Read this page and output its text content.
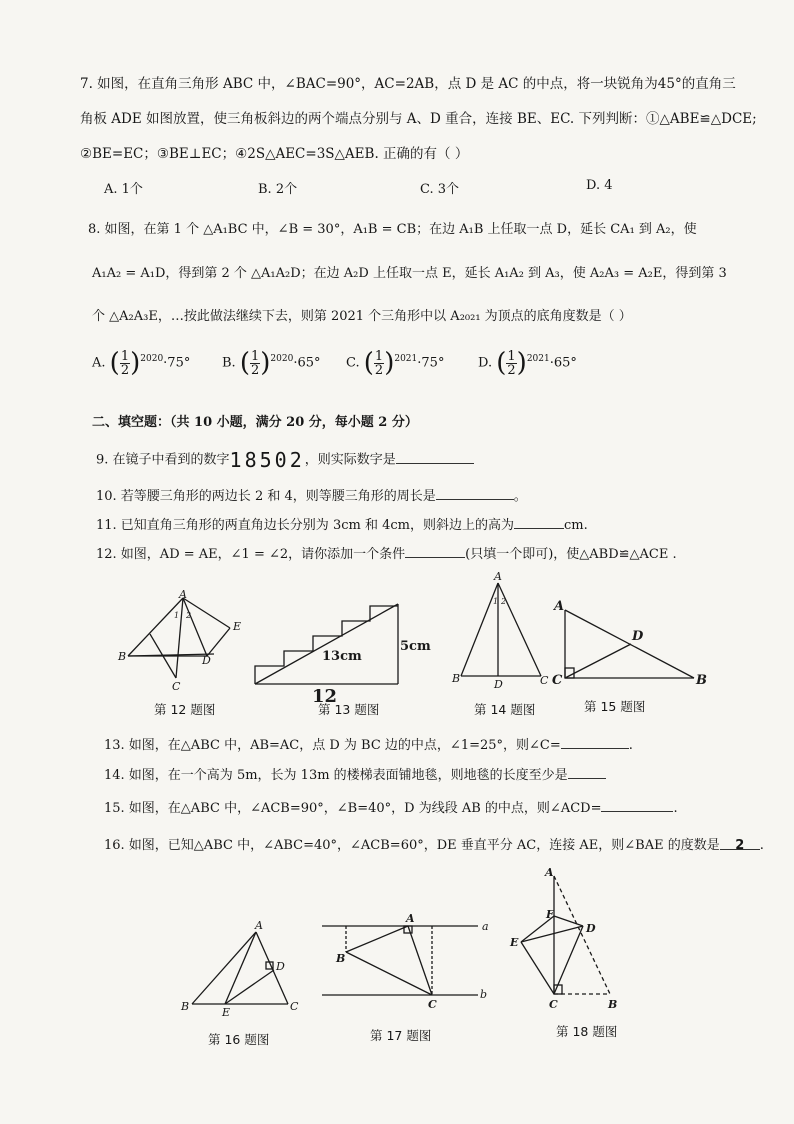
7. 如图，在直角三角形 ABC 中，∠BAC=90°，AC=2AB，点 D 是 AC 的中点，将一块锐角为45°的直角三
角板 ADE 如图放置，使三角板斜边的两个端点分别与 A、D 重合，连接 BE、EC. 下列判断：①△ABE≌△DCE;
②BE=EC；③BE⊥EC；④2S△AEC=3S△AEB. 正确的有（ ）
A. 1个	B. 2个	C. 3个	D. 4
8. 如图，在第 1 个 △A₁BC 中，∠B = 30°，A₁B = CB；在边 A₁B 上任取一点 D，延长 CA₁ 到 A₂，使
A₁A₂ = A₁D，得到第 2 个 △A₁A₂D；在边 A₂D 上任取一点 E，延长 A₁A₂ 到 A₃，使 A₂A₃ = A₂E，得到第 3
个 △A₂A₃E，…按此做法继续下去，则第 2021 个三角形中以 A₂₀₂₁ 为顶点的底角度数是（ ）
A. ( $\frac{1}{2} )^{2020}\cdot 75^\circ$ B. ( $\frac{1}{2} )^{2020}\cdot 65^\circ$ C. ( $\frac{1}{2} )^{2021}\cdot 75^\circ$	D. ( $\frac{1}{2} )^{2021}\cdot 65^\circ$
二、填空题：（共 10 小题，满分 20 分，每小题 2 分）
9. 在镜子中看到的数字18502，则实际数字是
10. 若等腰三角形的两边长 2 和 4，则等腰三角形的周长是	。
11. 已知直角三角形的两直角边长分别为 3cm 和 4cm，则斜边上的高为	cm.
12. 如图，AD = AE，∠1 = ∠2，请你添加一个条件	(只填一个即可)，使△ABD≌△ACE .
A
B
C
D
E
1 2
13cm
5cm
12
A
B	D	C
1 2	A
D
C	B
A
B	E	C
D
A
B
C
a
b
A
F
E
D
C	B
第 12 题图	第 13 题图	第 14 题图	第 15 题图
13. 如图，在△ABC 中，AB=AC，点 D 为 BC 边的中点，∠1=25°，则∠C=	.
14. 如图，在一个高为 5m，长为 13m 的楼梯表面铺地毯，则地毯的长度至少是
15. 如图，在△ABC 中，∠ACB=90°，∠B=40°，D 为线段 AB 的中点，则∠ACD=	.
16. 如图，已知△ABC 中，∠ABC=40°，∠ACB=60°，DE 垂直平分 AC，连接 AE，则∠BAE 的度数是 2 .
第 16 题图	第 17 题图	第 18 题图
